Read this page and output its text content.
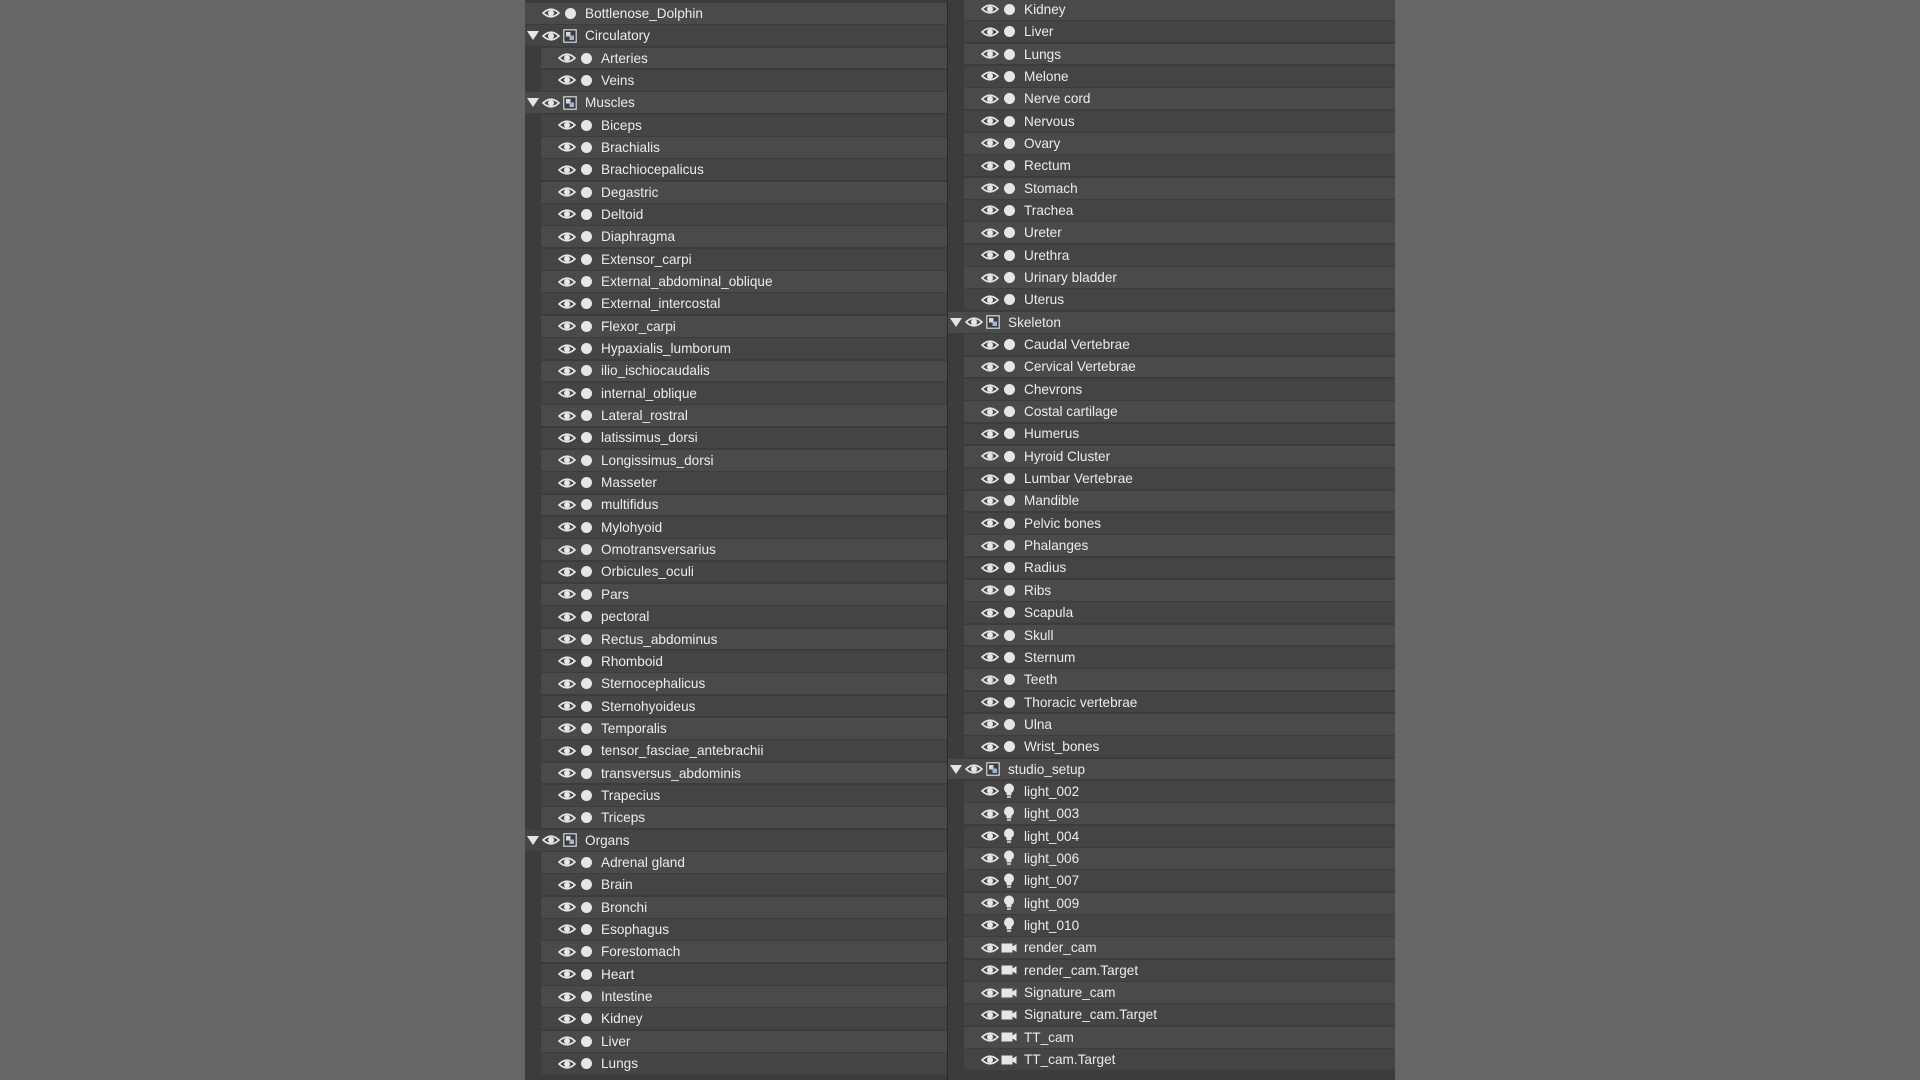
Bottlenose_Dolphin
Circulatory
Arteries
Veins
Muscles
Biceps
Brachialis
Brachiocepalicus
Degastric
Deltoid
Diaphragma
Extensor_carpi
External_abdominal_oblique
External_intercostal
Flexor_carpi
Hypaxialis_lumborum
ilio_ischiocaudalis
internal_oblique
Lateral_rostral
latissimus_dorsi
Longissimus_dorsi
Masseter
multifidus
Mylohyoid
Omotransversarius
Orbicules_oculi
Pars
pectoral
Rectus_abdominus
Rhomboid
Sternocephalicus
Sternohyoideus
Temporalis
tensor_fasciae_antebrachii
transversus_abdominis
Trapecius
Triceps
Organs
Adrenal gland
Brain
Bronchi
Esophagus
Forestomach
Heart
Intestine
Kidney
Liver
Lungs
Kidney
Liver
Lungs
Melone
Nerve cord
Nervous
Ovary
Rectum
Stomach
Trachea
Ureter
Urethra
Urinary bladder
Uterus
Skeleton
Caudal Vertebrae
Cervical Vertebrae
Chevrons
Costal cartilage
Humerus
Hyroid Cluster
Lumbar Vertebrae
Mandible
Pelvic bones
Phalanges
Radius
Ribs
Scapula
Skull
Sternum
Teeth
Thoracic vertebrae
Ulna
Wrist_bones
studio_setup
light_002
light_003
light_004
light_006
light_007
light_009
light_010
render_cam
render_cam.Target
Signature_cam
Signature_cam.Target
TT_cam
TT_cam.Target
